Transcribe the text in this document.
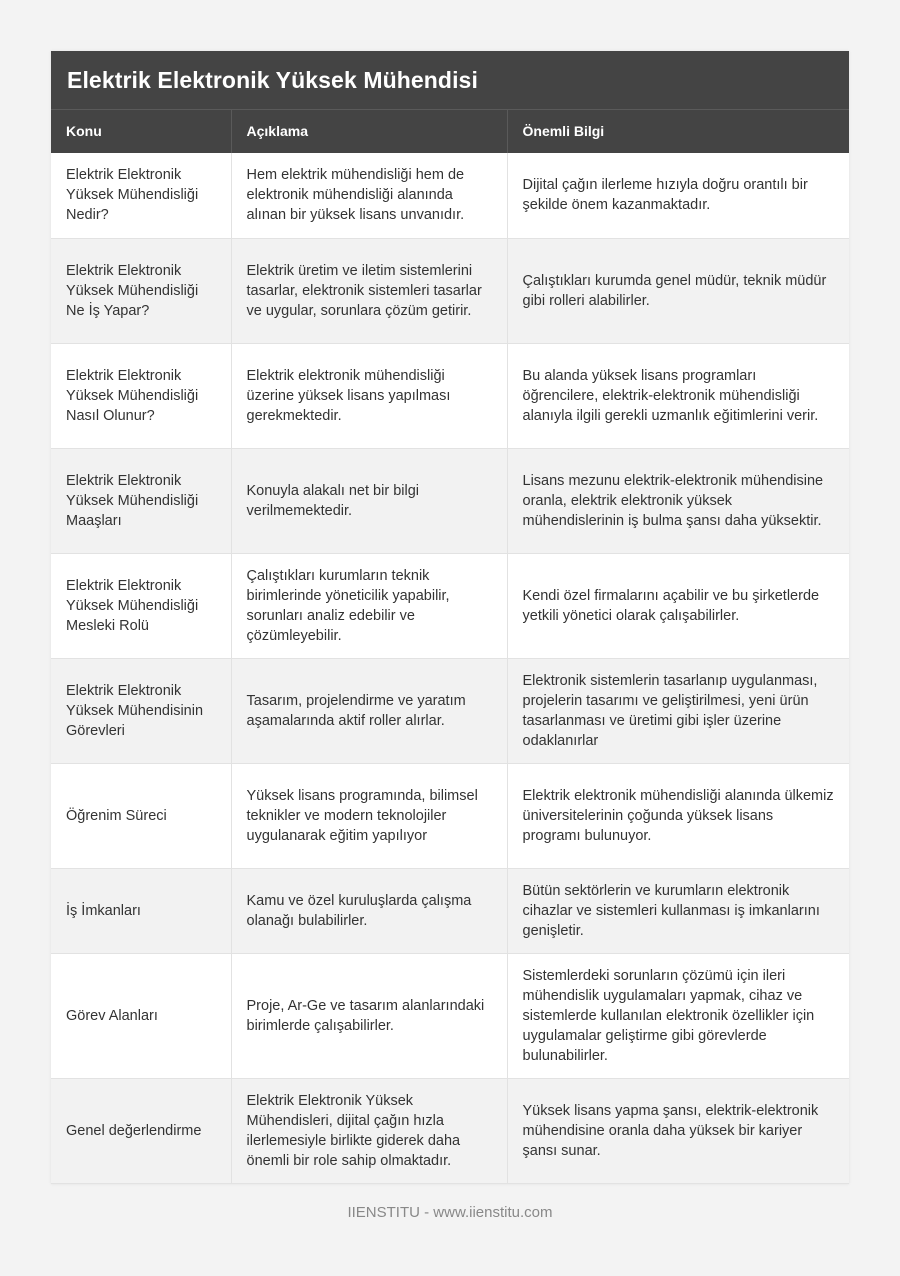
Elektrik Elektronik Yüksek Mühendisi
Konu	Açıklama	Önemli Bilgi
Elektrik Elektronik Yüksek Mühendisliği Nedir?	Hem elektrik mühendisliği hem de elektronik mühendisliği alanında alınan bir yüksek lisans unvanıdır.	Dijital çağın ilerleme hızıyla doğru orantılı bir şekilde önem kazanmaktadır.
Elektrik Elektronik Yüksek Mühendisliği Ne İş Yapar?	Elektrik üretim ve iletim sistemlerini tasarlar, elektronik sistemleri tasarlar ve uygular, sorunlara çözüm getirir.	Çalıştıkları kurumda genel müdür, teknik müdür gibi rolleri alabilirler.
Elektrik Elektronik Yüksek Mühendisliği Nasıl Olunur?	Elektrik elektronik mühendisliği üzerine yüksek lisans yapılması gerekmektedir.	Bu alanda yüksek lisans programları öğrencilere, elektrik-elektronik mühendisliği alanıyla ilgili gerekli uzmanlık eğitimlerini verir.
Elektrik Elektronik Yüksek Mühendisliği Maaşları	Konuyla alakalı net bir bilgi verilmemektedir.	Lisans mezunu elektrik-elektronik mühendisine oranla, elektrik elektronik yüksek mühendislerinin iş bulma şansı daha yüksektir.
Elektrik Elektronik Yüksek Mühendisliği Mesleki Rolü	Çalıştıkları kurumların teknik birimlerinde yöneticilik yapabilir, sorunları analiz edebilir ve çözümleyebilir.	Kendi özel firmalarını açabilir ve bu şirketlerde yetkili yönetici olarak çalışabilirler.
Elektrik Elektronik Yüksek Mühendisinin Görevleri	Tasarım, projelendirme ve yaratım aşamalarında aktif roller alırlar.	Elektronik sistemlerin tasarlanıp uygulanması, projelerin tasarımı ve geliştirilmesi, yeni ürün tasarlanması ve üretimi gibi işler üzerine odaklanırlar
Öğrenim Süreci	Yüksek lisans programında, bilimsel teknikler ve modern teknolojiler uygulanarak eğitim yapılıyor	Elektrik elektronik mühendisliği alanında ülkemiz üniversitelerinin çoğunda yüksek lisans programı bulunuyor.
İş İmkanları	Kamu ve özel kuruluşlarda çalışma olanağı bulabilirler.	Bütün sektörlerin ve kurumların elektronik cihazlar ve sistemleri kullanması iş imkanlarını genişletir.
Görev Alanları	Proje, Ar-Ge ve tasarım alanlarındaki birimlerde çalışabilirler.	Sistemlerdeki sorunların çözümü için ileri mühendislik uygulamaları yapmak, cihaz ve sistemlerde kullanılan elektronik özellikler için uygulamalar geliştirme gibi görevlerde bulunabilirler.
Genel değerlendirme	Elektrik Elektronik Yüksek Mühendisleri, dijital çağın hızla ilerlemesiyle birlikte giderek daha önemli bir role sahip olmaktadır.	Yüksek lisans yapma şansı, elektrik-elektronik mühendisine oranla daha yüksek bir kariyer şansı sunar.
IIENSTITU - www.iienstitu.com
